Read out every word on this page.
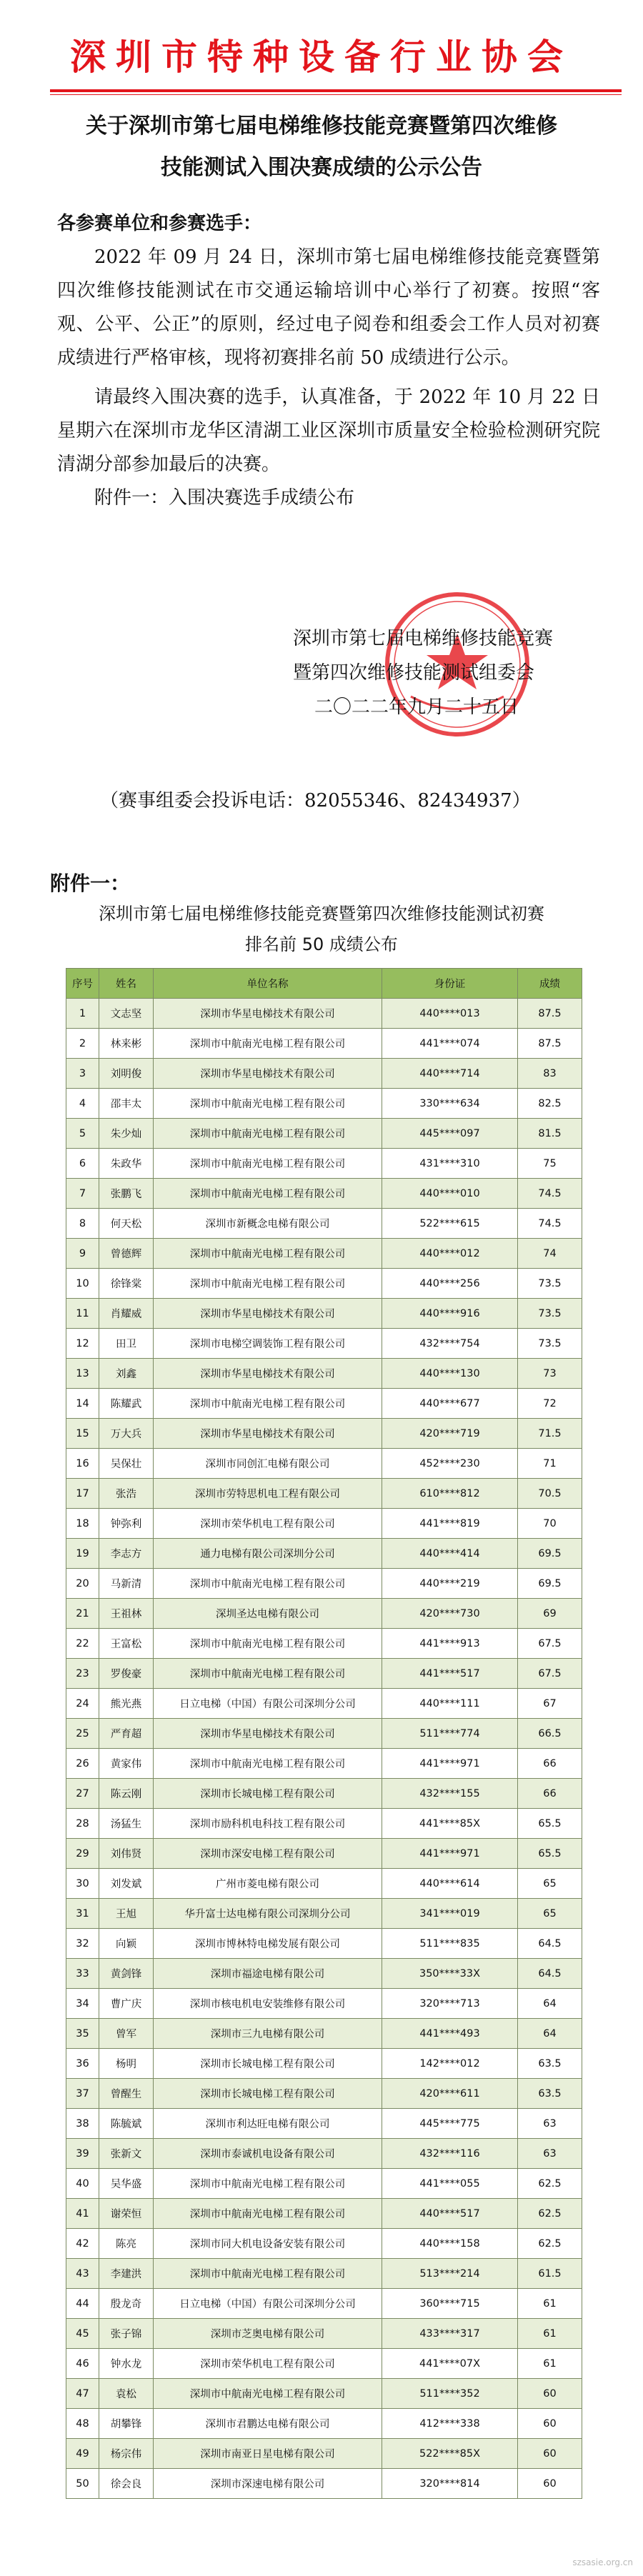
深圳市特种设备行业协会
关于深圳市第七届电梯维修技能竞赛暨第四次维修
技能测试入围决赛成绩的公示公告
各参赛单位和参赛选手：

2022 年 09 月 24 日，深圳市第七届电梯维修技能竞赛暨第四次维修技能测试在市交通运输培训中心举行了初赛。按照“客观、公平、公正”的原则，经过电子阅卷和组委会工作人员对初赛成绩进行严格审核，现将初赛排名前 50 成绩进行公示。

请最终入围决赛的选手，认真准备，于 2022 年 10 月 22 日星期六在深圳市龙华区清湖工业区深圳市质量安全检验检测研究院清湖分部参加最后的决赛。

附件一：入围决赛选手成绩公布

深圳市第七届电梯维修技能竞赛
暨第四次维修技能测试组委会
二〇二二年九月二十五日
（赛事组委会投诉电话：82055346、82434937）
附件一：
深圳市第七届电梯维修技能竞赛暨第四次维修技能测试初赛
排名前 50 成绩公布
序号	姓名	单位名称	身份证	成绩
1	文志坚	深圳市华星电梯技术有限公司	440****013	87.5
2	林来彬	深圳市中航南光电梯工程有限公司	441****074	87.5
3	刘明俊	深圳市华星电梯技术有限公司	440****714	83
4	邵丰太	深圳市中航南光电梯工程有限公司	330****634	82.5
5	朱少灿	深圳市中航南光电梯工程有限公司	445****097	81.5
6	朱政华	深圳市中航南光电梯工程有限公司	431****310	75
7	张鹏飞	深圳市中航南光电梯工程有限公司	440****010	74.5
8	何天松	深圳市新概念电梯有限公司	522****615	74.5
9	曾德辉	深圳市中航南光电梯工程有限公司	440****012	74
10	徐锋棠	深圳市中航南光电梯工程有限公司	440****256	73.5
11	肖耀威	深圳市华星电梯技术有限公司	440****916	73.5
12	田卫	深圳市电梯空调装饰工程有限公司	432****754	73.5
13	刘鑫	深圳市华星电梯技术有限公司	440****130	73
14	陈耀武	深圳市中航南光电梯工程有限公司	440****677	72
15	万大兵	深圳市华星电梯技术有限公司	420****719	71.5
16	吴保壮	深圳市同创汇电梯有限公司	452****230	71
17	张浩	深圳市劳特思机电工程有限公司	610****812	70.5
18	钟弥利	深圳市荣华机电工程有限公司	441****819	70
19	李志方	通力电梯有限公司深圳分公司	440****414	69.5
20	马新清	深圳市中航南光电梯工程有限公司	440****219	69.5
21	王祖林	深圳圣达电梯有限公司	420****730	69
22	王富松	深圳市中航南光电梯工程有限公司	441****913	67.5
23	罗俊豪	深圳市中航南光电梯工程有限公司	441****517	67.5
24	熊光燕	日立电梯（中国）有限公司深圳分公司	440****111	67
25	严育超	深圳市华星电梯技术有限公司	511****774	66.5
26	黄家伟	深圳市中航南光电梯工程有限公司	441****971	66
27	陈云刚	深圳市长城电梯工程有限公司	432****155	66
28	汤猛生	深圳市励科机电科技工程有限公司	441****85X	65.5
29	刘伟贤	深圳市深安电梯工程有限公司	441****971	65.5
30	刘发斌	广州市菱电梯有限公司	440****614	65
31	王旭	华升富士达电梯有限公司深圳分公司	341****019	65
32	向颖	深圳市博林特电梯发展有限公司	511****835	64.5
33	黄剑锋	深圳市福途电梯有限公司	350****33X	64.5
34	曹广庆	深圳市核电机电安装维修有限公司	320****713	64
35	曾军	深圳市三九电梯有限公司	441****493	64
36	杨明	深圳市长城电梯工程有限公司	142****012	63.5
37	曾醒生	深圳市长城电梯工程有限公司	420****611	63.5
38	陈毓斌	深圳市利达旺电梯有限公司	445****775	63
39	张新文	深圳市泰诚机电设备有限公司	432****116	63
40	吴华盛	深圳市中航南光电梯工程有限公司	441****055	62.5
41	谢荣恒	深圳市中航南光电梯工程有限公司	440****517	62.5
42	陈亮	深圳市同大机电设备安装有限公司	440****158	62.5
43	李建洪	深圳市中航南光电梯工程有限公司	513****214	61.5
44	殷龙奇	日立电梯（中国）有限公司深圳分公司	360****715	61
45	张子锦	深圳市芝奥电梯有限公司	433****317	61
46	钟水龙	深圳市荣华机电工程有限公司	441****07X	61
47	袁松	深圳市中航南光电梯工程有限公司	511****352	60
48	胡攀锋	深圳市君鹏达电梯有限公司	412****338	60
49	杨宗伟	深圳市南亚日星电梯有限公司	522****85X	60
50	徐会良	深圳市深速电梯有限公司	320****814	60
szsasie.org.cn
